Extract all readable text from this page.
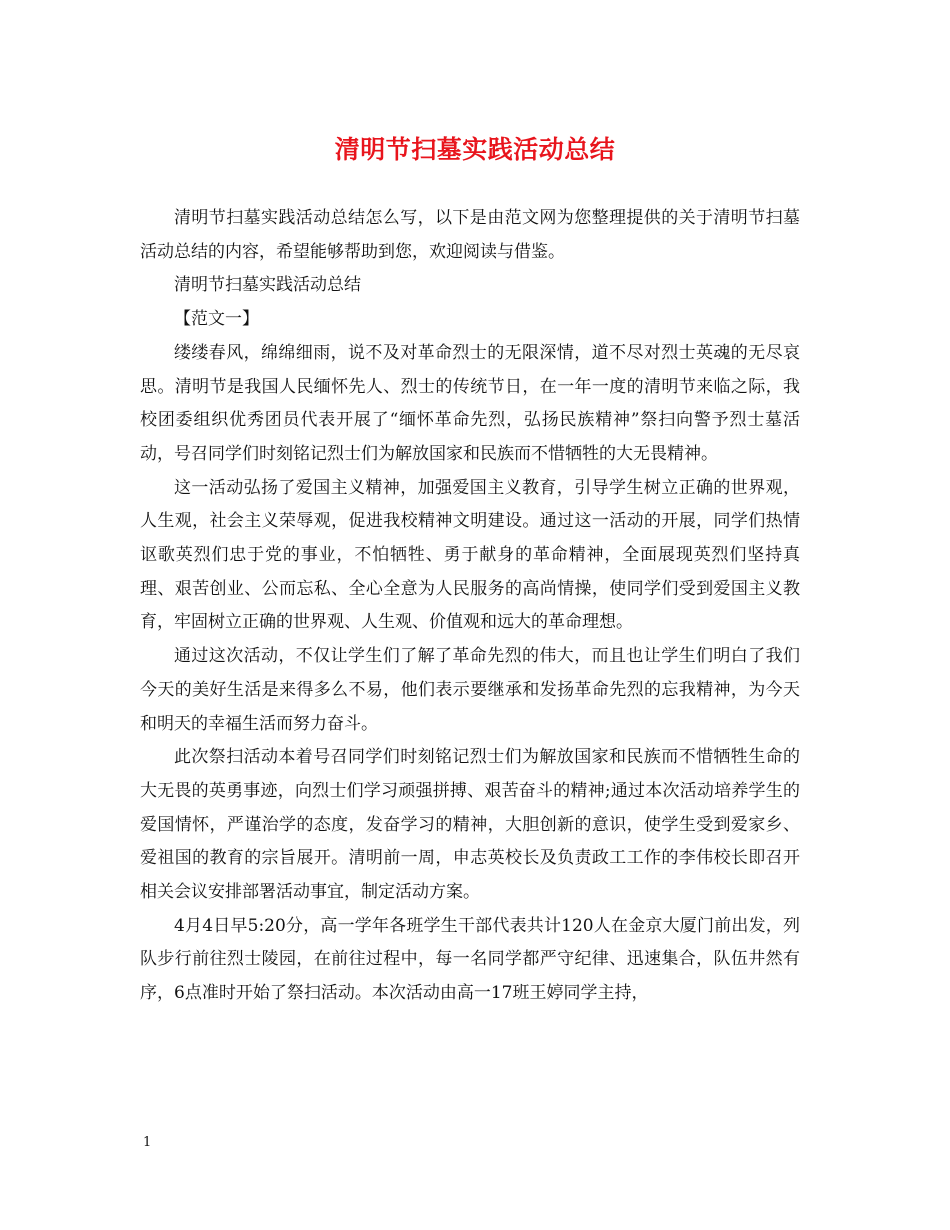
清明节扫墓实践活动总结

清明节扫墓实践活动总结怎么写，以下是由范文网为您整理提供的关于清明节扫墓活动总结的内容，希望能够帮助到您，欢迎阅读与借鉴。

清明节扫墓实践活动总结

【范文一】

缕缕春风，绵绵细雨，说不及对革命烈士的无限深情，道不尽对烈士英魂的无尽哀思。清明节是我国人民缅怀先人、烈士的传统节日，在一年一度的清明节来临之际，我校团委组织优秀团员代表开展了“缅怀革命先烈，弘扬民族精神”祭扫向警予烈士墓活动，号召同学们时刻铭记烈士们为解放国家和民族而不惜牺牲的大无畏精神。

这一活动弘扬了爱国主义精神，加强爱国主义教育，引导学生树立正确的世界观，人生观，社会主义荣辱观，促进我校精神文明建设。通过这一活动的开展，同学们热情讴歌英烈们忠于党的事业，不怕牺牲、勇于献身的革命精神，全面展现英烈们坚持真理、艰苦创业、公而忘私、全心全意为人民服务的高尚情操，使同学们受到爱国主义教育，牢固树立正确的世界观、人生观、价值观和远大的革命理想。

通过这次活动，不仅让学生们了解了革命先烈的伟大，而且也让学生们明白了我们今天的美好生活是来得多么不易，他们表示要继承和发扬革命先烈的忘我精神，为今天和明天的幸福生活而努力奋斗。

此次祭扫活动本着号召同学们时刻铭记烈士们为解放国家和民族而不惜牺牲生命的大无畏的英勇事迹，向烈士们学习顽强拼搏、艰苦奋斗的精神;通过本次活动培养学生的爱国情怀，严谨治学的态度，发奋学习的精神，大胆创新的意识，使学生受到爱家乡、爱祖国的教育的宗旨展开。清明前一周，申志英校长及负责政工工作的李伟校长即召开相关会议安排部署活动事宜，制定活动方案。

4月4日早5:20分，高一学年各班学生干部代表共计120人在金京大厦门前出发，列队步行前往烈士陵园，在前往过程中，每一名同学都严守纪律、迅速集合，队伍井然有序，6点准时开始了祭扫活动。本次活动由高一17班王婷同学主持，

1
